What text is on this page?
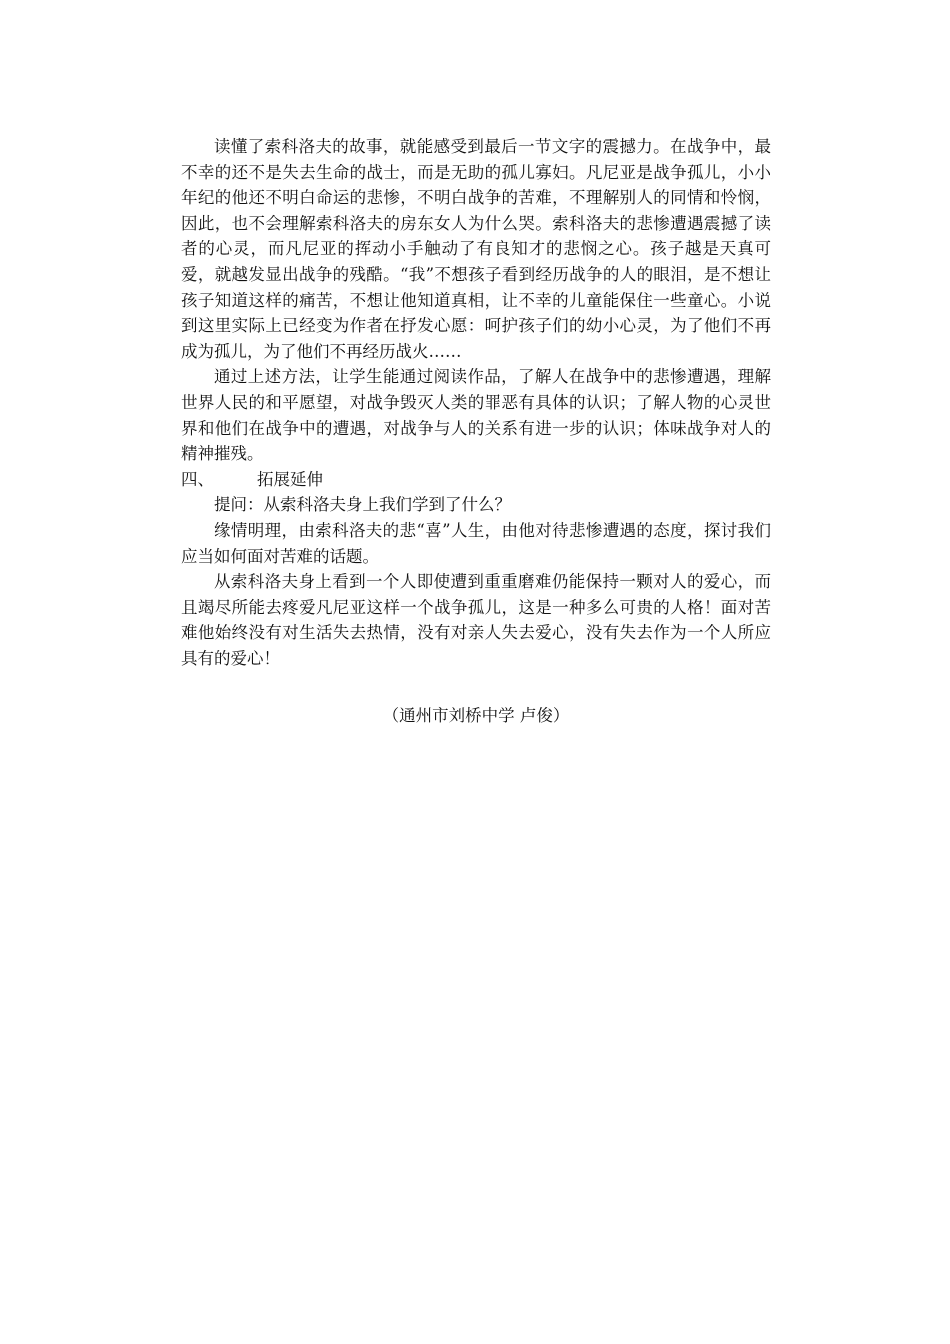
读懂了索科洛夫的故事，就能感受到最后一节文字的震撼力。在战争中，最不幸的还不是失去生命的战士，而是无助的孤儿寡妇。凡尼亚是战争孤儿，小小年纪的他还不明白命运的悲惨，不明白战争的苦难，不理解别人的同情和怜悯，因此，也不会理解索科洛夫的房东女人为什么哭。索科洛夫的悲惨遭遇震撼了读者的心灵，而凡尼亚的挥动小手触动了有良知才的悲悯之心。孩子越是天真可爱，就越发显出战争的残酷。“我”不想孩子看到经历战争的人的眼泪，是不想让孩子知道这样的痛苦，不想让他知道真相，让不幸的儿童能保住一些童心。小说到这里实际上已经变为作者在抒发心愿：呵护孩子们的幼小心灵，为了他们不再成为孤儿，为了他们不再经历战火……

通过上述方法，让学生能通过阅读作品，了解人在战争中的悲惨遭遇，理解世界人民的和平愿望，对战争毁灭人类的罪恶有具体的认识；了解人物的心灵世界和他们在战争中的遭遇，对战争与人的关系有进一步的认识；体味战争对人的精神摧残。

四、	拓展延伸

提问：从索科洛夫身上我们学到了什么？

缘情明理，由索科洛夫的悲“喜”人生，由他对待悲惨遭遇的态度，探讨我们应当如何面对苦难的话题。

从索科洛夫身上看到一个人即使遭到重重磨难仍能保持一颗对人的爱心，而且竭尽所能去疼爱凡尼亚这样一个战争孤儿，这是一种多么可贵的人格！面对苦难他始终没有对生活失去热情，没有对亲人失去爱心，没有失去作为一个人所应具有的爱心！

（通州市刘桥中学 卢俊）
